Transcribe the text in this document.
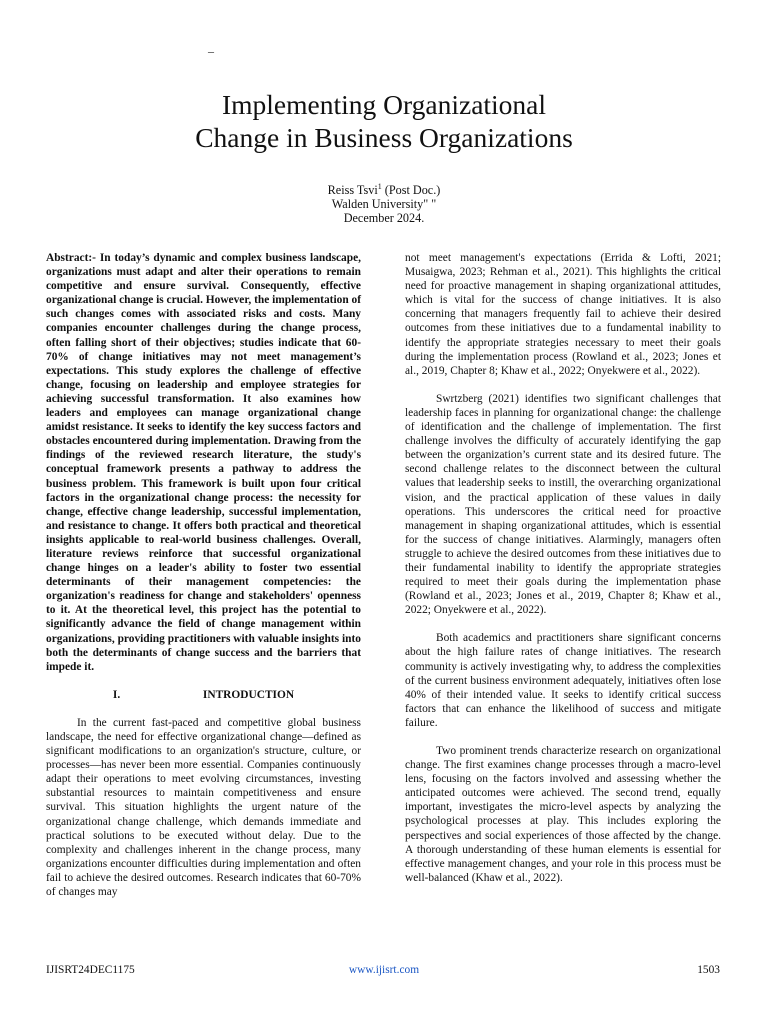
–
Implementing Organizational
Change in Business Organizations
Reiss Tsvi$^1$ (Post Doc.)
Walden University" "
December 2024.

Abstract:- In today’s dynamic and complex business landscape, organizations must adapt and alter their operations to remain competitive and ensure survival. Consequently, effective organizational change is crucial. However, the implementation of such changes comes with associated risks and costs. Many companies encounter challenges during the change process, often falling short of their objectives; studies indicate that 60-70% of change initiatives may not meet management’s expectations. This study explores the challenge of effective change, focusing on leadership and employee strategies for achieving successful transformation. It also examines how leaders and employees can manage organizational change amidst resistance. It seeks to identify the key success factors and obstacles encountered during implementation. Drawing from the findings of the reviewed research literature, the study's conceptual framework presents a pathway to address the business problem. This framework is built upon four critical factors in the organizational change process: the necessity for change, effective change leadership, successful implementation, and resistance to change. It offers both practical and theoretical insights applicable to real-world business challenges. Overall, literature reviews reinforce that successful organizational change hinges on a leader's ability to foster two essential determinants of their management competencies: the organization's readiness for change and stakeholders' openness to it. At the theoretical level, this project has the potential to significantly advance the field of change management within organizations, providing practitioners with valuable insights into both the determinants of change success and the barriers that impede it.

I.	INTRODUCTION

In the current fast-paced and competitive global business landscape, the need for effective organizational change—defined as significant modifications to an organization's structure, culture, or processes—has never been more essential. Companies continuously adapt their operations to meet evolving circumstances, investing substantial resources to maintain competitiveness and ensure survival. This situation highlights the urgent nature of the organizational change challenge, which demands immediate and practical solutions to be executed without delay. Due to the complexity and challenges inherent in the change process, many organizations encounter difficulties during implementation and often fail to achieve the desired outcomes. Research indicates that 60-70% of changes may

not meet management's expectations (Errida & Lofti, 2021; Musaigwa, 2023; Rehman et al., 2021). This highlights the critical need for proactive management in shaping organizational attitudes, which is vital for the success of change initiatives. It is also concerning that managers frequently fail to achieve their desired outcomes from these initiatives due to a fundamental inability to identify the appropriate strategies necessary to meet their goals during the implementation process (Rowland et al., 2023; Jones et al., 2019, Chapter 8; Khaw et al., 2022; Onyekwere et al., 2022).

Swrtzberg (2021) identifies two significant challenges that leadership faces in planning for organizational change: the challenge of identification and the challenge of implementation. The first challenge involves the difficulty of accurately identifying the gap between the organization’s current state and its desired future. The second challenge relates to the disconnect between the cultural values that leadership seeks to instill, the overarching organizational vision, and the practical application of these values in daily operations. This underscores the critical need for proactive management in shaping organizational attitudes, which is essential for the success of change initiatives. Alarmingly, managers often struggle to achieve the desired outcomes from these initiatives due to their fundamental inability to identify the appropriate strategies required to meet their goals during the implementation phase (Rowland et al., 2023; Jones et al., 2019, Chapter 8; Khaw et al., 2022; Onyekwere et al., 2022).

Both academics and practitioners share significant concerns about the high failure rates of change initiatives. The research community is actively investigating why, to address the complexities of the current business environment adequately, initiatives often lose 40% of their intended value. It seeks to identify critical success factors that can enhance the likelihood of success and mitigate failure.

Two prominent trends characterize research on organizational change. The first examines change processes through a macro-level lens, focusing on the factors involved and assessing whether the anticipated outcomes were achieved. The second trend, equally important, investigates the micro-level aspects by analyzing the psychological processes at play. This includes exploring the perspectives and social experiences of those affected by the change. A thorough understanding of these human elements is essential for effective management changes, and your role in this process must be well-balanced (Khaw et al., 2022).

IJISRT24DEC1175	www.ijisrt.com	1503
